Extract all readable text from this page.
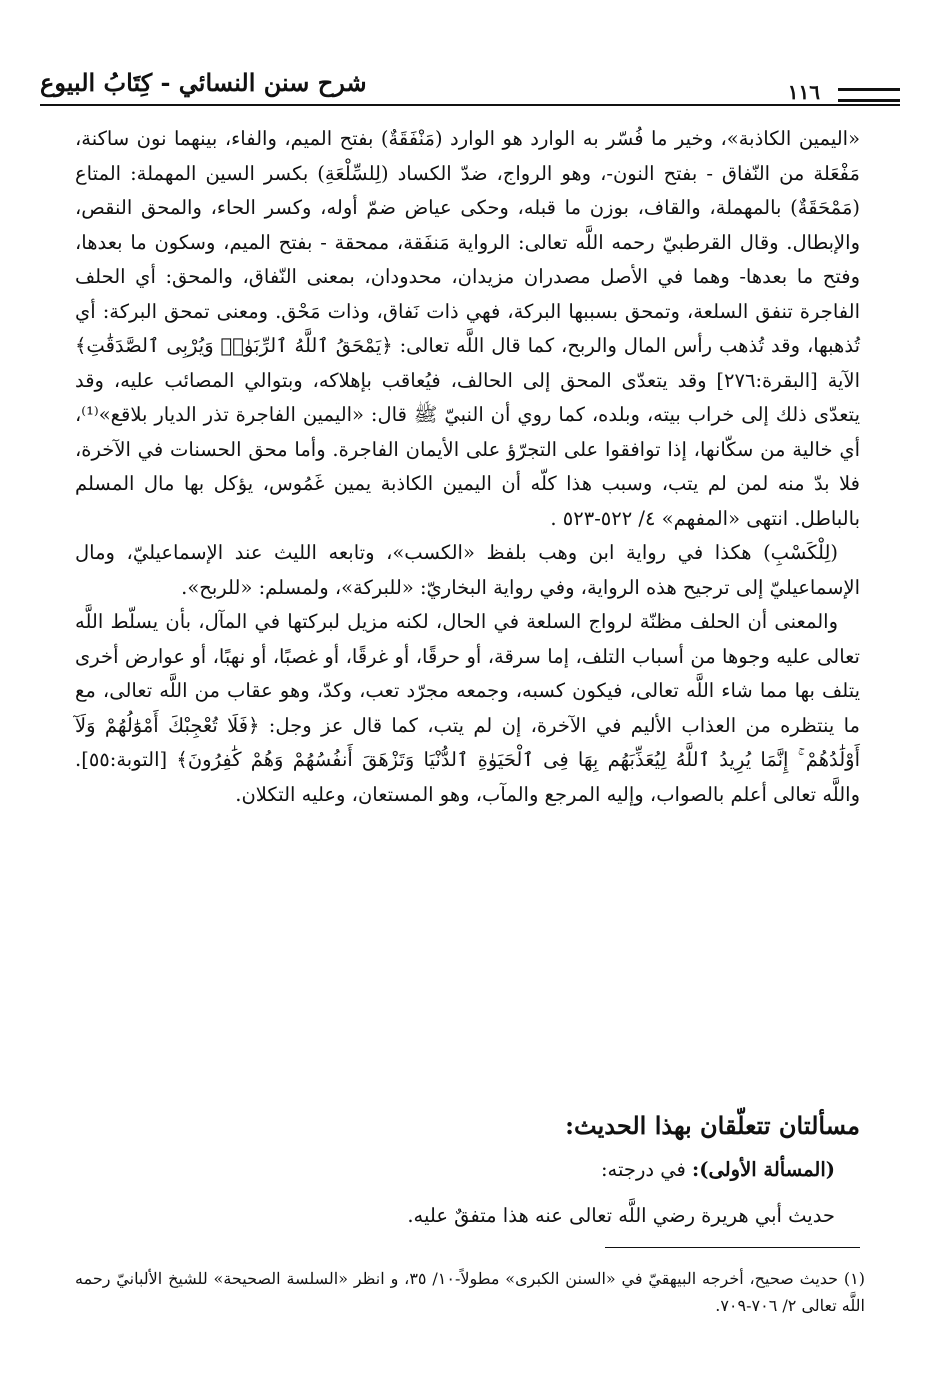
شرح سنن النسائي - كِتَابُ البيوع	١١٦

«اليمين الكاذبة»، وخير ما فُسّر به الوارد هو الوارد (مَنْفَقَةٌ) بفتح الميم، والفاء، بينهما نون ساكنة، مَفْعَلة من النّفاق - بفتح النون-، وهو الرواج، ضدّ الكساد (لِلسِّلْعَةِ) بكسر السين المهملة: المتاع (مَمْحَقَةٌ) بالمهملة، والقاف، بوزن ما قبله، وحكى عياض ضمّ أوله، وكسر الحاء، والمحق النقص، والإبطال. وقال القرطبيّ رحمه اللَّه تعالى: الرواية مَنفَقة، ممحقة - بفتح الميم، وسكون ما بعدها، وفتح ما بعدها- وهما في الأصل مصدران مزيدان، محدودان، بمعنى النّفاق، والمحق: أي الحلف الفاجرة تنفق السلعة، وتمحق بسببها البركة، فهي ذات نَفاق، وذات مَحْق. ومعنى تمحق البركة: أي تُذهبها، وقد تُذهب رأس المال والربح، كما قال اللَّه تعالى: ﴿يَمْحَقُ ٱللَّهُ ٱلرِّبَوٰا۟ وَيُرْبِى ٱلصَّدَقَٰتِ﴾ الآية [البقرة:٢٧٦] وقد يتعدّى المحق إلى الحالف، فيُعاقب بإهلاكه، وبتوالي المصائب عليه، وقد يتعدّى ذلك إلى خراب بيته، وبلده، كما روي أن النبيّ ﷺ قال: «اليمين الفاجرة تذر الديار بلاقع»⁽¹⁾، أي خالية من سكّانها، إذا توافقوا على التجرّؤ على الأيمان الفاجرة. وأما محق الحسنات في الآخرة، فلا بدّ منه لمن لم يتب، وسبب هذا كلّه أن اليمين الكاذبة يمين غَمُوس، يؤكل بها مال المسلم بالباطل. انتهى «المفهم» ٤/ ٥٢٢-٥٢٣ .

(لِلْكَسْبِ) هكذا في رواية ابن وهب بلفظ «الكسب»، وتابعه الليث عند الإسماعيليّ، ومال الإسماعيليّ إلى ترجيح هذه الرواية، وفي رواية البخاريّ: «للبركة»، ولمسلم: «للربح».

والمعنى أن الحلف مظنّة لرواج السلعة في الحال، لكنه مزيل لبركتها في المآل، بأن يسلّط اللَّه تعالى عليه وجوها من أسباب التلف، إما سرقة، أو حرقًا، أو غرقًا، أو غصبًا، أو نهبًا، أو عوارض أخرى يتلف بها مما شاء اللَّه تعالى، فيكون كسبه، وجمعه مجرّد تعب، وكدّ، وهو عقاب من اللَّه تعالى، مع ما ينتظره من العذاب الأليم في الآخرة، إن لم يتب، كما قال عز وجل: ﴿فَلَا تُعْجِبْكَ أَمْوَٰلُهُمْ وَلَآ أَوْلَٰدُهُمْ ۚ إِنَّمَا يُرِيدُ ٱللَّهُ لِيُعَذِّبَهُم بِهَا فِى ٱلْحَيَوٰةِ ٱلدُّنْيَا وَتَزْهَقَ أَنفُسُهُمْ وَهُمْ كَٰفِرُونَ﴾ [التوبة:٥٥]. واللَّه تعالى أعلم بالصواب، وإليه المرجع والمآب، وهو المستعان، وعليه التكلان.

مسألتان تتعلّقان بهذا الحديث:
(المسألة الأولى): في درجته:
حديث أبي هريرة رضي اللَّه تعالى عنه هذا متفقٌ عليه.
(١) حديث صحيح، أخرجه البيهقيّ في «السنن الكبرى» مطولاً-١٠/ ٣٥، و انظر «السلسة الصحيحة» للشيخ الألبانيّ رحمه اللَّه تعالى ٢/ ٧٠٦-٧٠٩.
